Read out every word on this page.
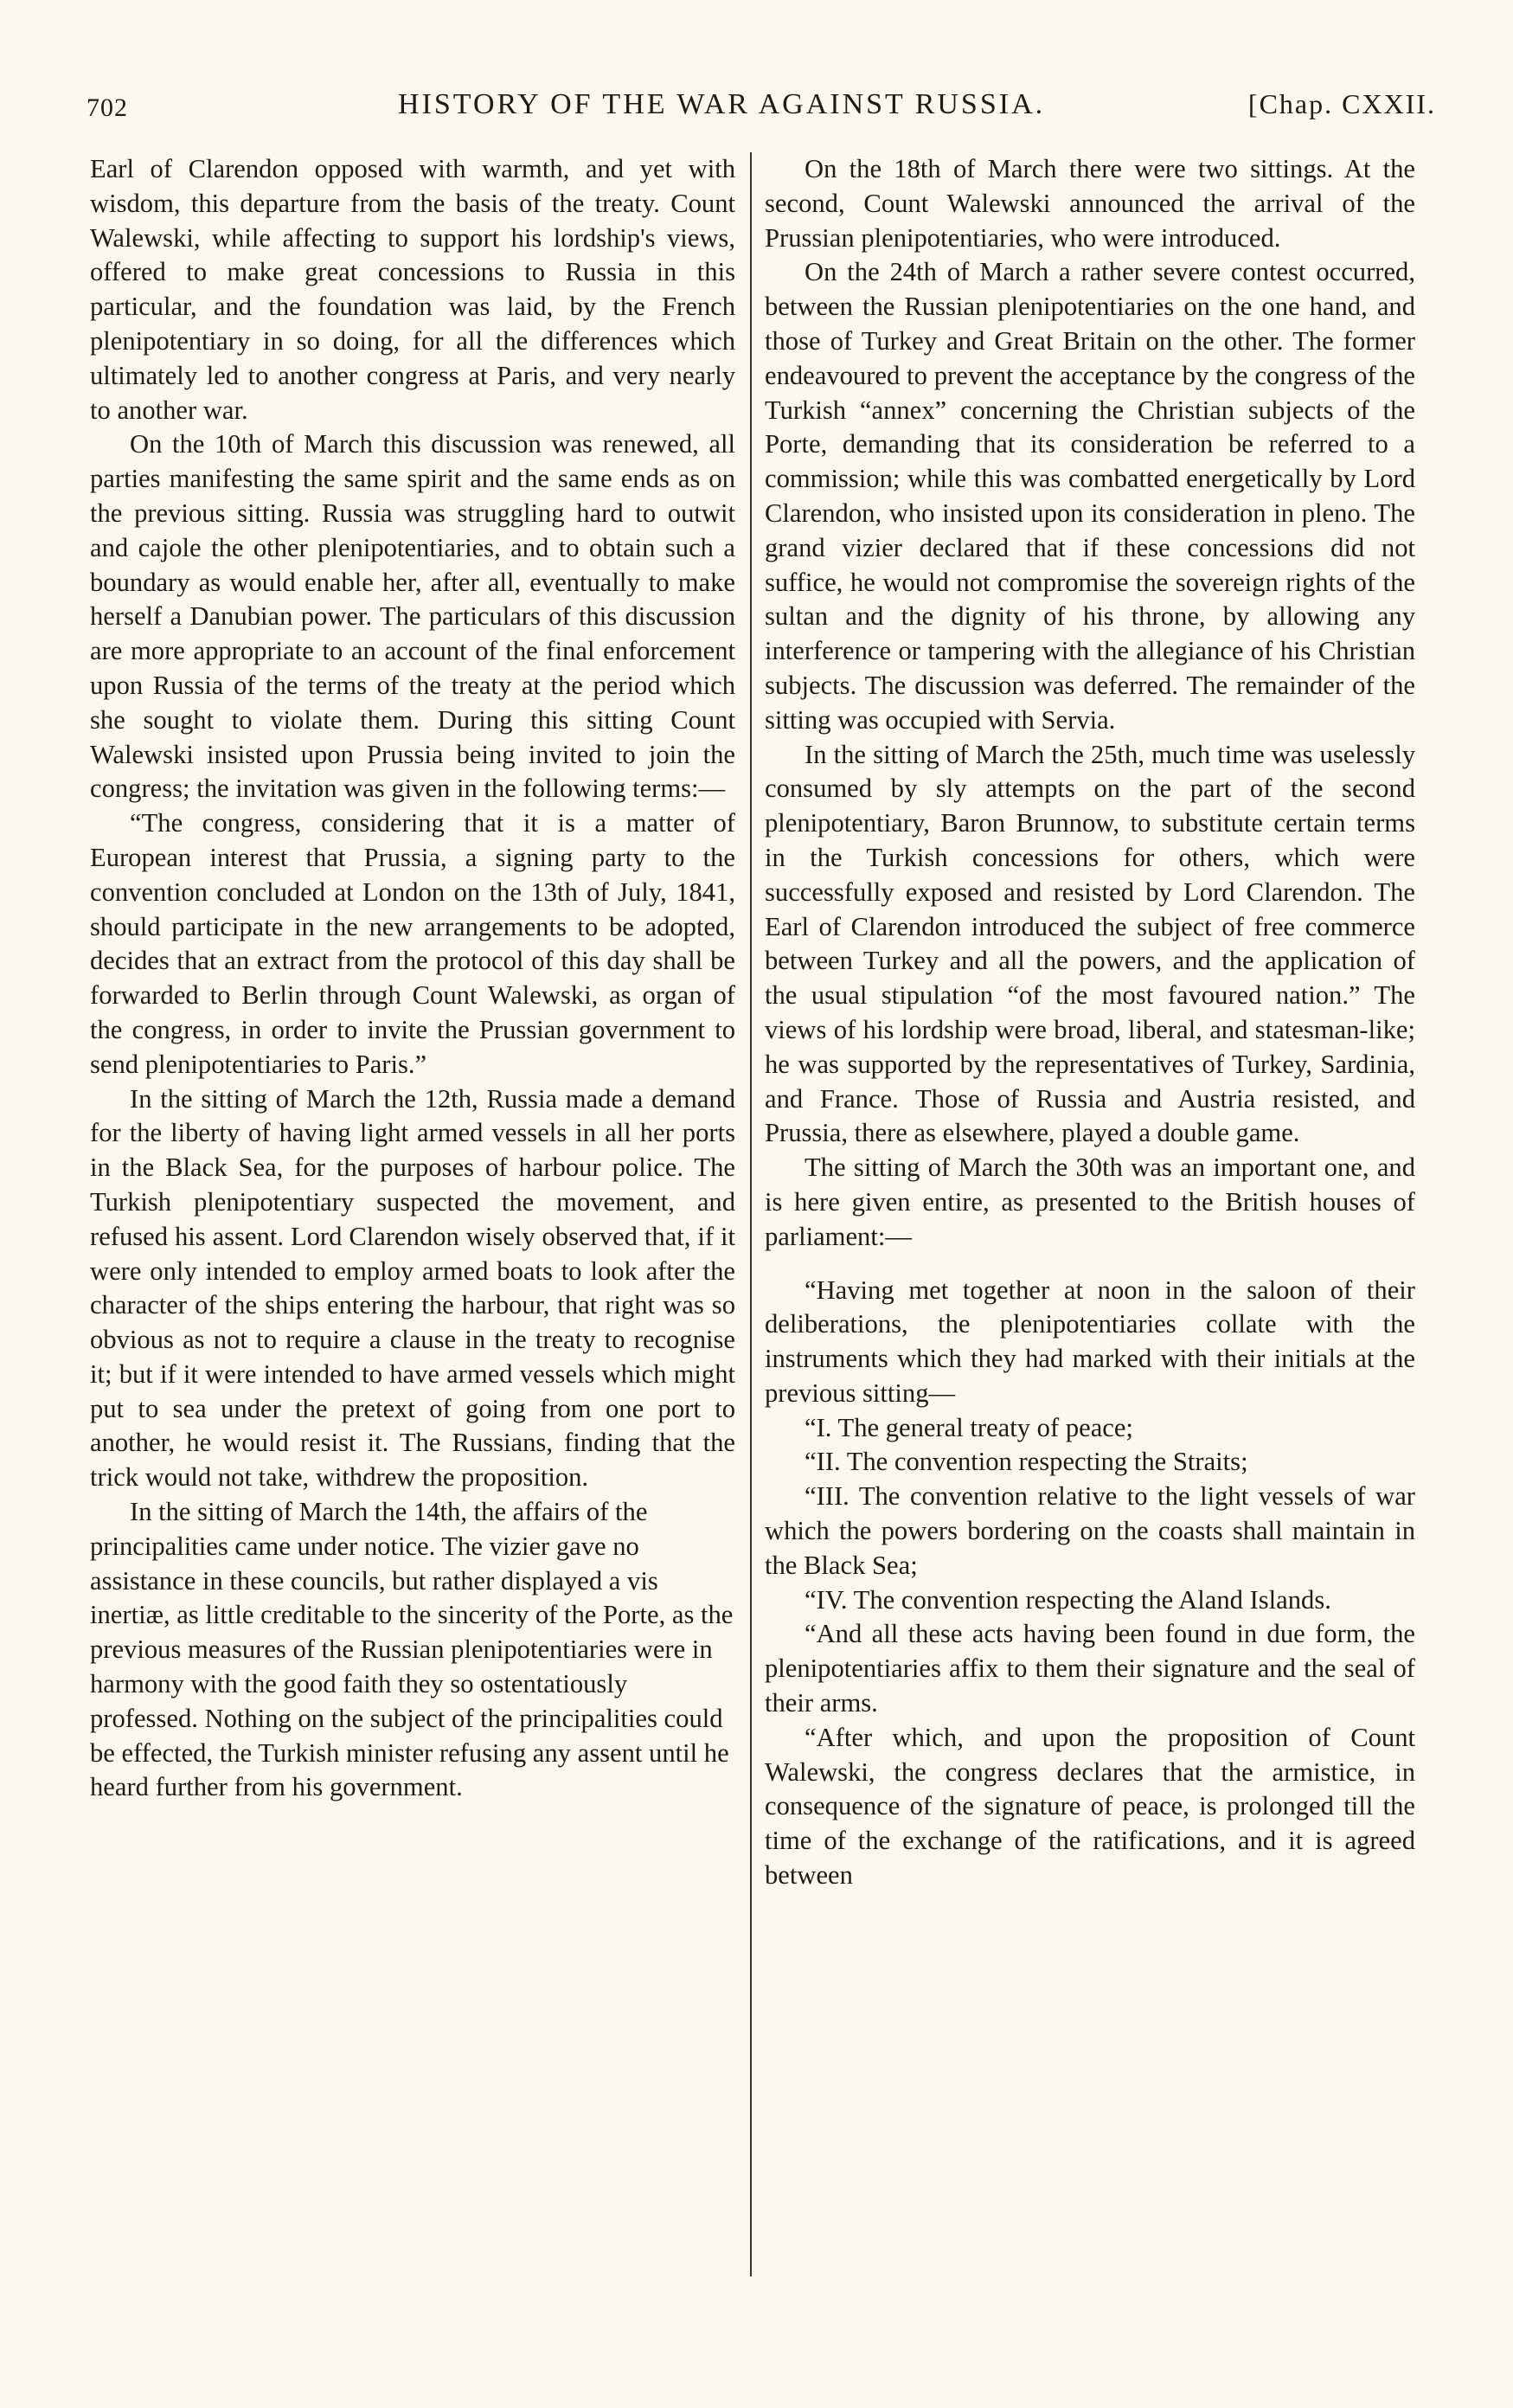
702	HISTORY OF THE WAR AGAINST RUSSIA.	[Chap. CXXII.

Earl of Clarendon opposed with warmth, and yet with wisdom, this departure from the basis of the treaty. Count Walewski, while affecting to support his lordship's views, offered to make great concessions to Russia in this particular, and the foundation was laid, by the French plenipotentiary in so doing, for all the differences which ultimately led to another congress at Paris, and very nearly to another war.

On the 10th of March this discussion was renewed, all parties manifesting the same spirit and the same ends as on the previous sitting. Russia was struggling hard to outwit and cajole the other plenipotentiaries, and to obtain such a boundary as would enable her, after all, eventually to make herself a Danubian power. The particulars of this discussion are more appropriate to an account of the final enforcement upon Russia of the terms of the treaty at the period which she sought to violate them. During this sitting Count Walewski insisted upon Prussia being invited to join the congress; the invitation was given in the following terms:—

“The congress, considering that it is a matter of European interest that Prussia, a signing party to the convention concluded at London on the 13th of July, 1841, should participate in the new arrangements to be adopted, decides that an extract from the protocol of this day shall be forwarded to Berlin through Count Walewski, as organ of the congress, in order to invite the Prussian government to send plenipotentiaries to Paris.”

In the sitting of March the 12th, Russia made a demand for the liberty of having light armed vessels in all her ports in the Black Sea, for the purposes of harbour police. The Turkish plenipotentiary suspected the movement, and refused his assent. Lord Clarendon wisely observed that, if it were only intended to employ armed boats to look after the character of the ships entering the harbour, that right was so obvious as not to require a clause in the treaty to recognise it; but if it were intended to have armed vessels which might put to sea under the pretext of going from one port to another, he would resist it. The Russians, finding that the trick would not take, withdrew the proposition.

In the sitting of March the 14th, the affairs of the principalities came under notice. The vizier gave no assistance in these councils, but rather displayed a vis inertiæ, as little creditable to the sincerity of the Porte, as the previous measures of the Russian plenipotentiaries were in harmony with the good faith they so ostentatiously professed. Nothing on the subject of the principalities could be effected, the Turkish minister refusing any assent until he heard further from his government.

On the 18th of March there were two sittings. At the second, Count Walewski announced the arrival of the Prussian plenipotentiaries, who were introduced.

On the 24th of March a rather severe contest occurred, between the Russian plenipotentiaries on the one hand, and those of Turkey and Great Britain on the other. The former endeavoured to prevent the acceptance by the congress of the Turkish “annex” concerning the Christian subjects of the Porte, demanding that its consideration be referred to a commission; while this was combatted energetically by Lord Clarendon, who insisted upon its consideration in pleno. The grand vizier declared that if these concessions did not suffice, he would not compromise the sovereign rights of the sultan and the dignity of his throne, by allowing any interference or tampering with the allegiance of his Christian subjects. The discussion was deferred. The remainder of the sitting was occupied with Servia.

In the sitting of March the 25th, much time was uselessly consumed by sly attempts on the part of the second plenipotentiary, Baron Brunnow, to substitute certain terms in the Turkish concessions for others, which were successfully exposed and resisted by Lord Clarendon. The Earl of Clarendon introduced the subject of free commerce between Turkey and all the powers, and the application of the usual stipulation “of the most favoured nation.” The views of his lordship were broad, liberal, and statesman-like; he was supported by the representatives of Turkey, Sardinia, and France. Those of Russia and Austria resisted, and Prussia, there as elsewhere, played a double game.

The sitting of March the 30th was an important one, and is here given entire, as presented to the British houses of parliament:—

“Having met together at noon in the saloon of their deliberations, the plenipotentiaries collate with the instruments which they had marked with their initials at the previous sitting—

“I. The general treaty of peace;

“II. The convention respecting the Straits;

“III. The convention relative to the light vessels of war which the powers bordering on the coasts shall maintain in the Black Sea;

“IV. The convention respecting the Aland Islands.

“And all these acts having been found in due form, the plenipotentiaries affix to them their signature and the seal of their arms.

“After which, and upon the proposition of Count Walewski, the congress declares that the armistice, in consequence of the signature of peace, is prolonged till the time of the exchange of the ratifications, and it is agreed between
